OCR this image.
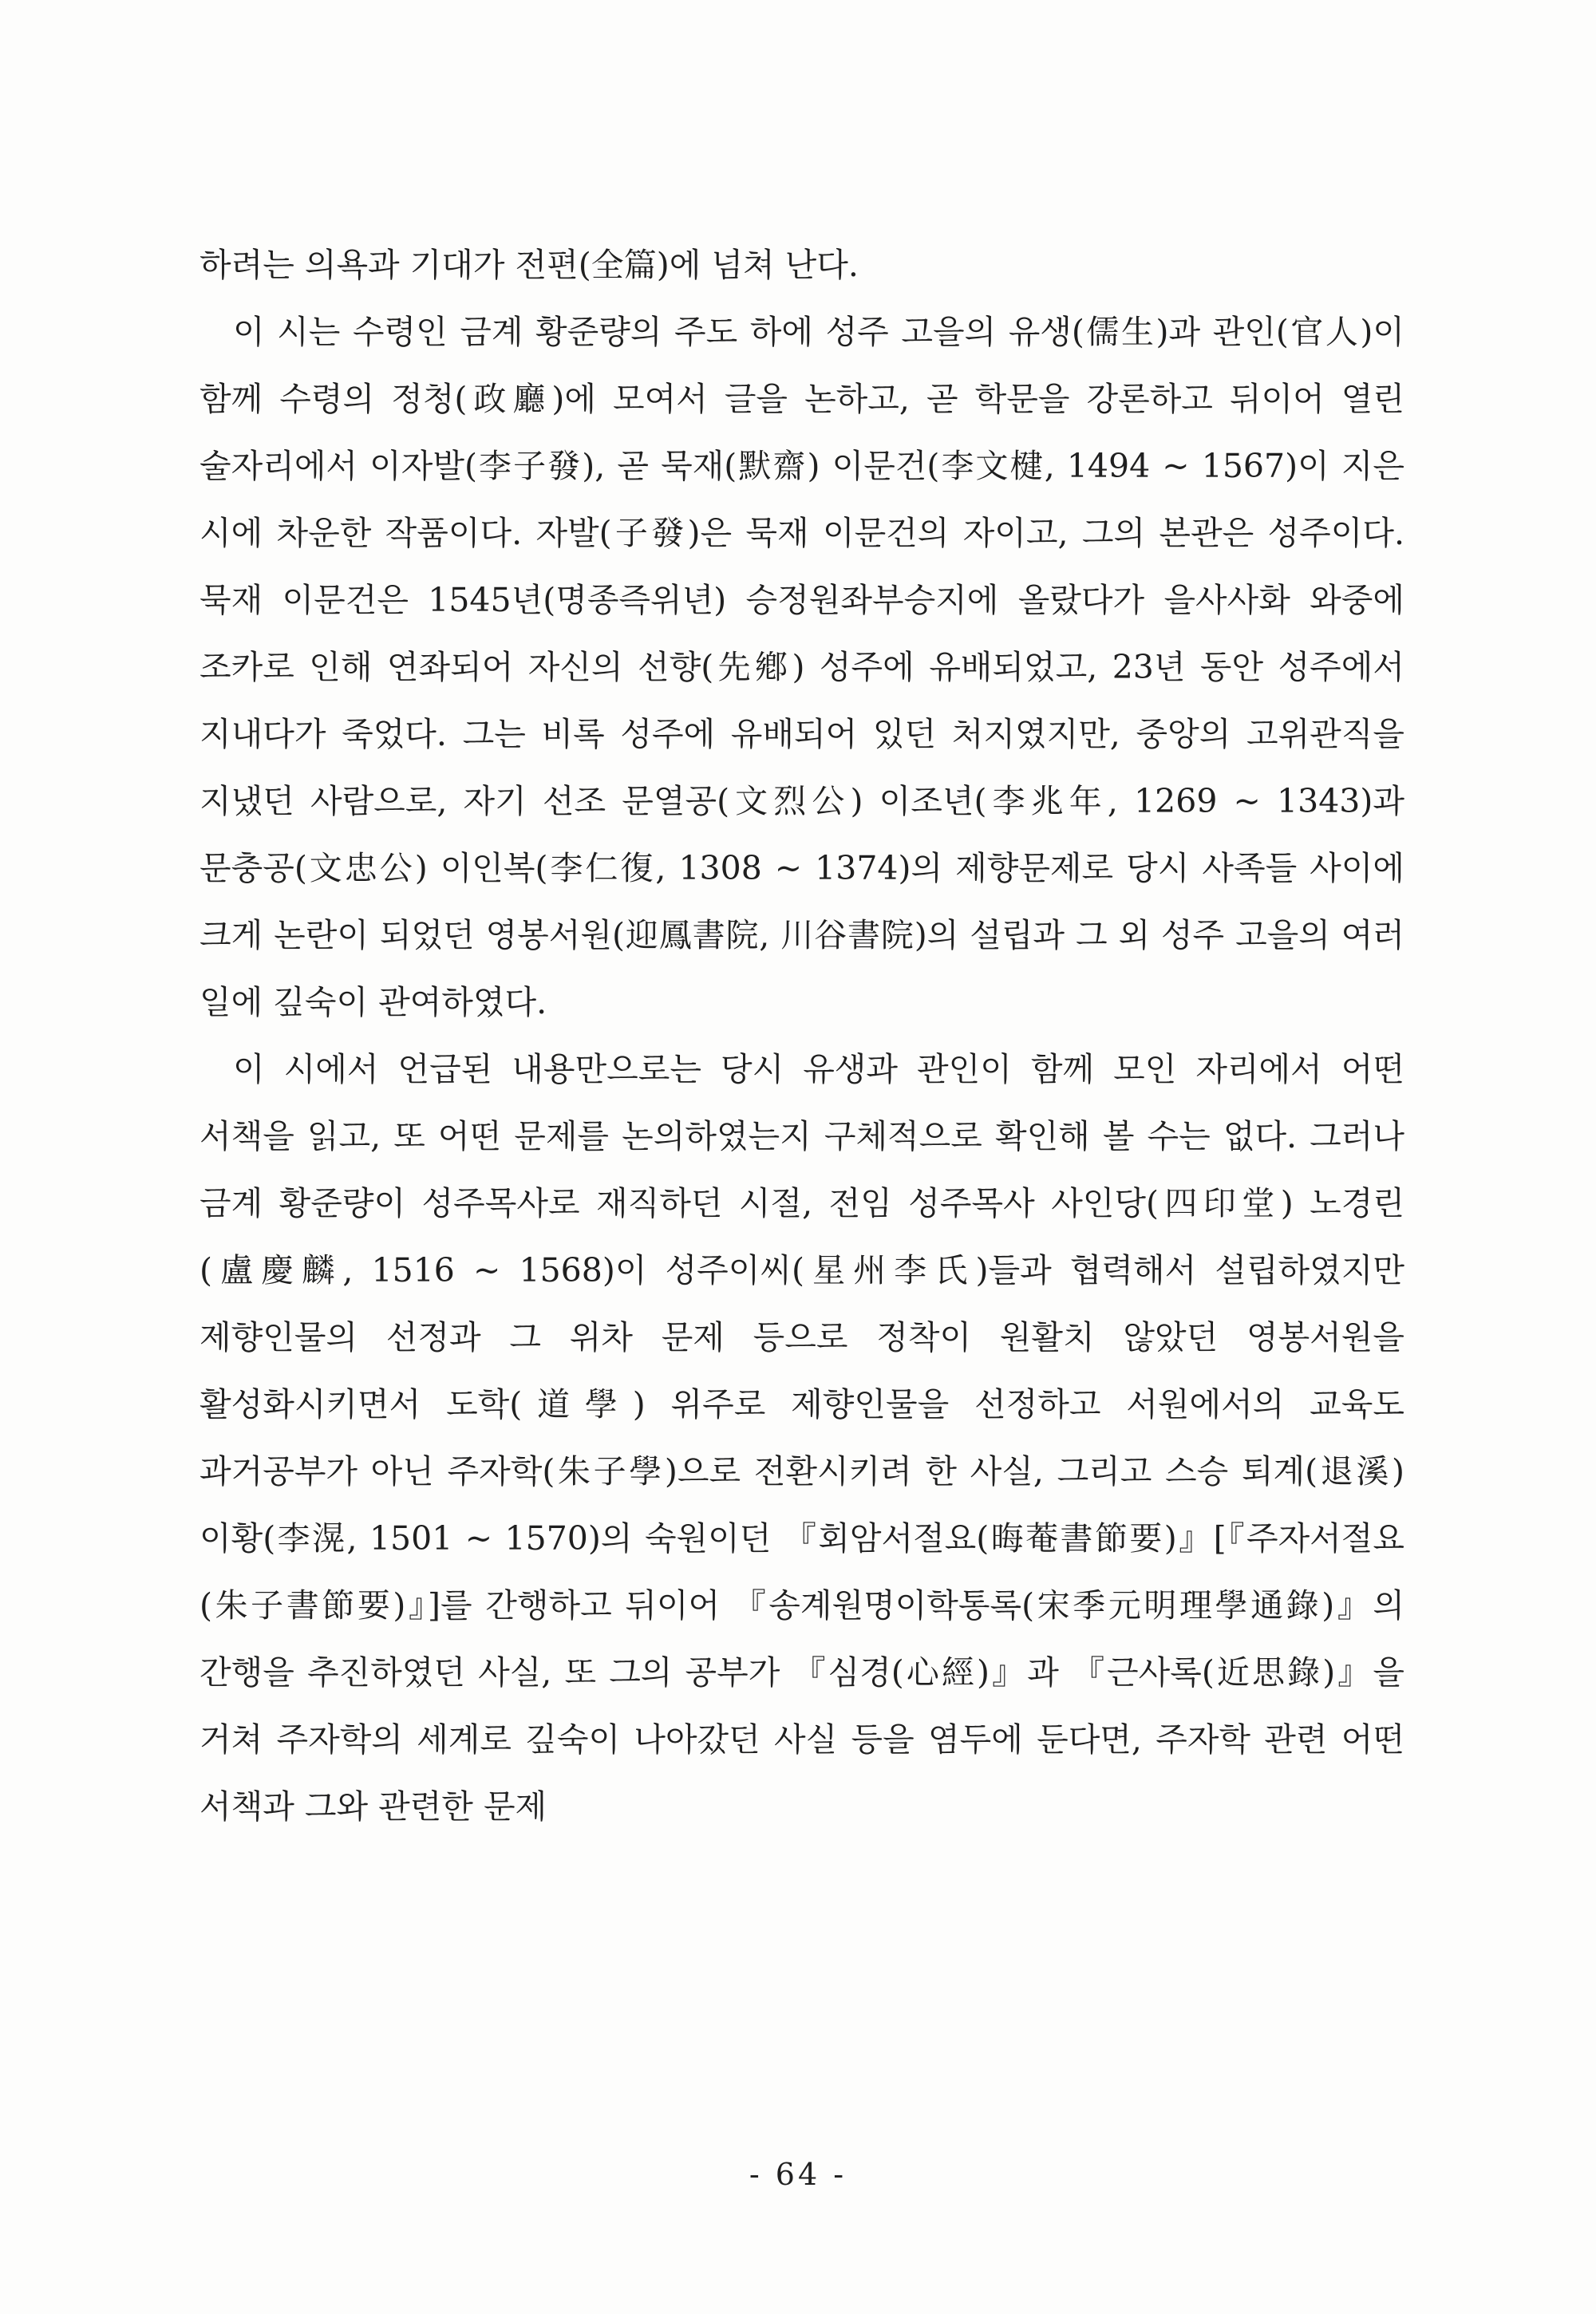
하려는 의욕과 기대가 전편(全篇)에 넘쳐 난다.

이 시는 수령인 금계 황준량의 주도 하에 성주 고을의 유생(儒生)과 관인(官人)이 함께 수령의 정청(政廳)에 모여서 글을 논하고, 곧 학문을 강론하고 뒤이어 열린 술자리에서 이자발(李子發), 곧 묵재(默齋) 이문건(李文楗, 1494 ~ 1567)이 지은 시에 차운한 작품이다. 자발(子發)은 묵재 이문건의 자이고, 그의 본관은 성주이다. 묵재 이문건은 1545년(명종즉위년) 승정원좌부승지에 올랐다가 을사사화 와중에 조카로 인해 연좌되어 자신의 선향(先鄕) 성주에 유배되었고, 23년 동안 성주에서 지내다가 죽었다. 그는 비록 성주에 유배되어 있던 처지였지만, 중앙의 고위관직을 지냈던 사람으로, 자기 선조 문열공(文烈公) 이조년(李兆年, 1269 ~ 1343)과 문충공(文忠公) 이인복(李仁復, 1308 ~ 1374)의 제향문제로 당시 사족들 사이에 크게 논란이 되었던 영봉서원(迎鳳書院, 川谷書院)의 설립과 그 외 성주 고을의 여러 일에 깊숙이 관여하였다.

이 시에서 언급된 내용만으로는 당시 유생과 관인이 함께 모인 자리에서 어떤 서책을 읽고, 또 어떤 문제를 논의하였는지 구체적으로 확인해 볼 수는 없다. 그러나 금계 황준량이 성주목사로 재직하던 시절, 전임 성주목사 사인당(四印堂) 노경린(盧慶麟, 1516 ~ 1568)이 성주이씨(星州李氏)들과 협력해서 설립하였지만 제향인물의 선정과 그 위차 문제 등으로 정착이 원활치 않았던 영봉서원을 활성화시키면서 도학(道學) 위주로 제향인물을 선정하고 서원에서의 교육도 과거공부가 아닌 주자학(朱子學)으로 전환시키려 한 사실, 그리고 스승 퇴계(退溪) 이황(李滉, 1501 ~ 1570)의 숙원이던 『회암서절요(晦菴書節要)』[『주자서절요(朱子書節要)』]를 간행하고 뒤이어 『송계원명이학통록(宋季元明理學通錄)』의 간행을 추진하였던 사실, 또 그의 공부가 『심경(心經)』과 『근사록(近思錄)』을 거쳐 주자학의 세계로 깊숙이 나아갔던 사실 등을 염두에 둔다면, 주자학 관련 어떤 서책과 그와 관련한 문제

- 64 -
